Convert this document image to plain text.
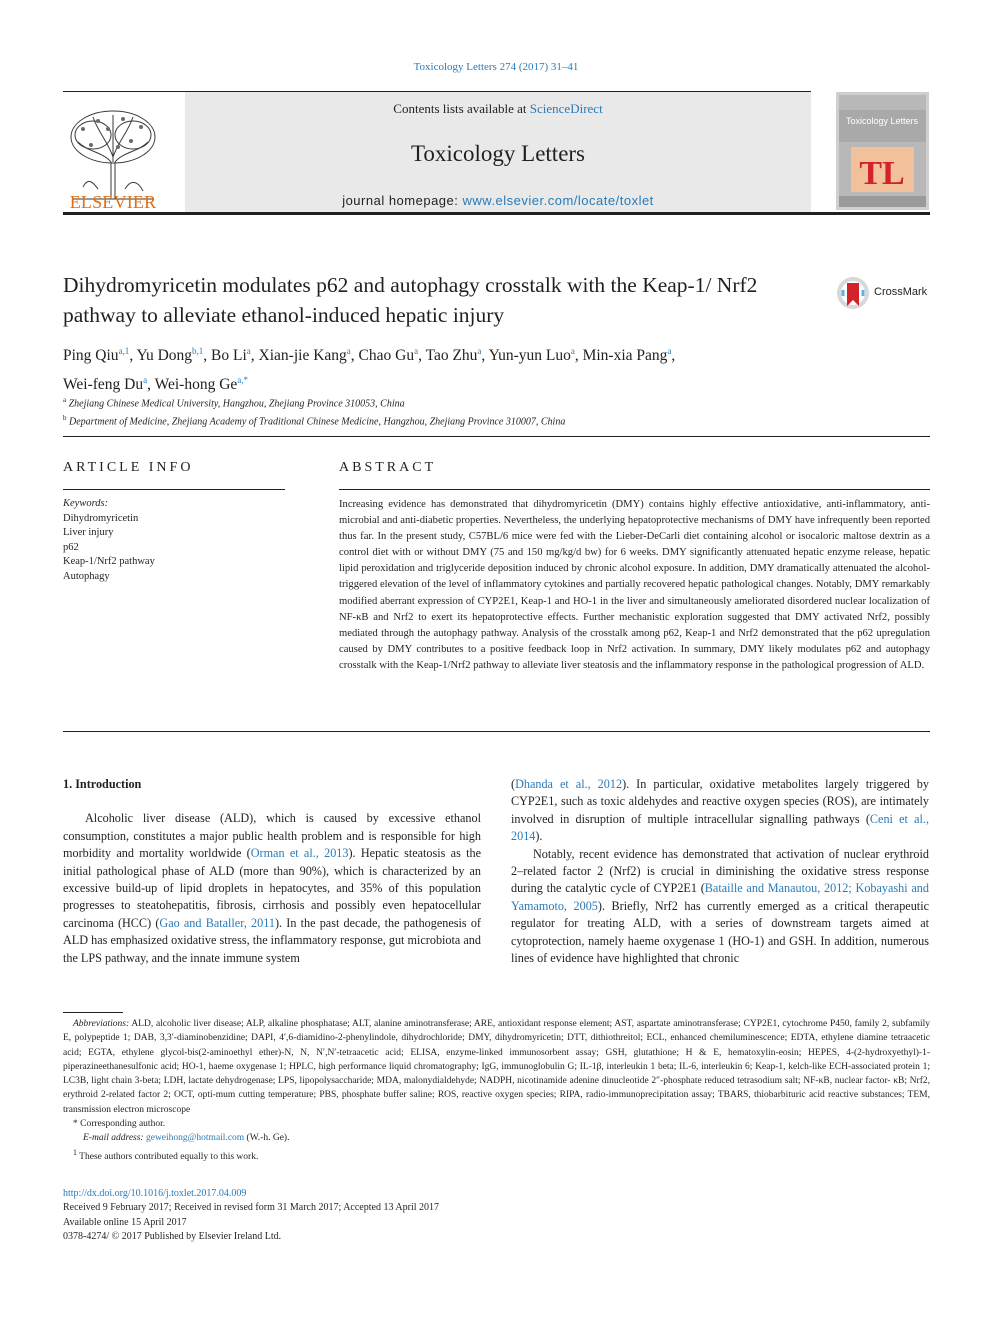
Toxicology Letters 274 (2017) 31–41
ELSEVIER
Contents lists available at ScienceDirect
Toxicology Letters
journal homepage: www.elsevier.com/locate/toxlet
Toxicology Letters
TL
Dihydromyricetin modulates p62 and autophagy crosstalk with the Keap-1/ Nrf2 pathway to alleviate ethanol-induced hepatic injury
CrossMark
Ping Qiu$^{a,1}$, Yu Dong$^{b,1}$, Bo Li$^a$, Xian-jie Kang$^a$, Chao Gu$^a$, Tao Zhu$^a$, Yun-yun Luo$^a$, Min-xia Pang$^a$,
Wei-feng Du$^a$, Wei-hong $Ge^{a,*}$
$^a$ Zhejiang Chinese Medical University, Hangzhou, Zhejiang Province 310053, China
$^b$ Department of Medicine, Zhejiang Academy of Traditional Chinese Medicine, Hangzhou, Zhejiang Province 310007, China
ARTICLE INFO
Keywords:
Dihydromyricetin
Liver injury
p62
Keap-1/Nrf2 pathway
Autophagy
ABSTRACT
Increasing evidence has demonstrated that dihydromyricetin (DMY) contains highly effective antioxidative, anti-inflammatory, anti-microbial and anti-diabetic properties. Nevertheless, the underlying hepatoprotective mechanisms of DMY have infrequently been reported thus far. In the present study, C57BL/6 mice were fed with the Lieber-DeCarli diet containing alcohol or isocaloric maltose dextrin as a control diet with or without DMY (75 and 150 mg/kg/d bw) for 6 weeks. DMY significantly attenuated hepatic enzyme release, hepatic lipid peroxidation and triglyceride deposition induced by chronic alcohol exposure. In addition, DMY dramatically attenuated the alcohol-triggered elevation of the level of inflammatory cytokines and partially recovered hepatic pathological changes. Notably, DMY remarkably modified aberrant expression of CYP2E1, Keap-1 and HO-1 in the liver and simultaneously ameliorated disordered nuclear localization of NF-κB and Nrf2 to exert its hepatoprotective effects. Further mechanistic exploration suggested that DMY activated Nrf2, possibly mediated through the autophagy pathway. Analysis of the crosstalk among p62, Keap-1 and Nrf2 demonstrated that the p62 upregulation caused by DMY contributes to a positive feedback loop in Nrf2 activation. In summary, DMY likely modulates p62 and autophagy crosstalk with the Keap-1/Nrf2 pathway to alleviate liver steatosis and the inflammatory response in the pathological progression of ALD.

1. Introduction

Alcoholic liver disease (ALD), which is caused by excessive ethanol consumption, constitutes a major public health problem and is responsible for high morbidity and mortality worldwide (Orman et al., 2013). Hepatic steatosis as the initial pathological phase of ALD (more than 90%), which is characterized by an excessive build-up of lipid droplets in hepatocytes, and 35% of this population progresses to steatohepatitis, fibrosis, cirrhosis and possibly even hepatocellular carcinoma (HCC) (Gao and Bataller, 2011). In the past decade, the pathogenesis of ALD has emphasized oxidative stress, the inflammatory response, gut microbiota and the LPS pathway, and the innate immune system

(Dhanda et al., 2012). In particular, oxidative metabolites largely triggered by CYP2E1, such as toxic aldehydes and reactive oxygen species (ROS), are intimately involved in disruption of multiple intracellular signalling pathways (Ceni et al., 2014).

Notably, recent evidence has demonstrated that activation of nuclear erythroid 2–related factor 2 (Nrf2) is crucial in diminishing the oxidative stress response during the catalytic cycle of CYP2E1 (Bataille and Manautou, 2012; Kobayashi and Yamamoto, 2005). Briefly, Nrf2 has currently emerged as a critical therapeutic regulator for treating ALD, with a series of downstream targets aimed at cytoprotection, namely haeme oxygenase 1 (HO-1) and GSH. In addition, numerous lines of evidence have highlighted that chronic

Abbreviations: ALD, alcoholic liver disease; ALP, alkaline phosphatase; ALT, alanine aminotransferase; ARE, antioxidant response element; AST, aspartate aminotransferase; CYP2E1, cytochrome P450, family 2, subfamily E, polypeptide 1; DAB, 3,3′-diaminobenzidine; DAPI, 4′,6-diamidino-2-phenylindole, dihydrochloride; DMY, dihydromyricetin; DTT, dithiothreitol; ECL, enhanced chemiluminescence; EDTA, ethylene diamine tetraacetic acid; EGTA, ethylene glycol-bis(2-aminoethyl ether)-N, N, N′,N′-tetraacetic acid; ELISA, enzyme-linked immunosorbent assay; GSH, glutathione; H & E, hematoxylin-eosin; HEPES, 4-(2-hydroxyethyl)-1-piperazineethanesulfonic acid; HO-1, haeme oxygenase 1; HPLC, high performance liquid chromatography; IgG, immunoglobulin G; IL-1β, interleukin 1 beta; IL-6, interleukin 6; Keap-1, kelch-like ECH-associated protein 1; LC3B, light chain 3-beta; LDH, lactate dehydrogenase; LPS, lipopolysaccharide; MDA, malonydialdehyde; NADPH, nicotinamide adenine dinucleotide 2″-phosphate reduced tetrasodium salt; NF-κB, nuclear factor- κB; Nrf2, erythroid 2-related factor 2; OCT, opti-mum cutting temperature; PBS, phosphate buffer saline; ROS, reactive oxygen species; RIPA, radio-immunoprecipitation assay; TBARS, thiobarbituric acid reactive substances; TEM, transmission electron microscope

* Corresponding author.

E-mail address: geweihong@hotmail.com (W.-h. Ge).

$^1$ These authors contributed equally to this work.

http://dx.doi.org/10.1016/j.toxlet.2017.04.009
Received 9 February 2017; Received in revised form 31 March 2017; Accepted 13 April 2017
Available online 15 April 2017
0378-4274/ © 2017 Published by Elsevier Ireland Ltd.
